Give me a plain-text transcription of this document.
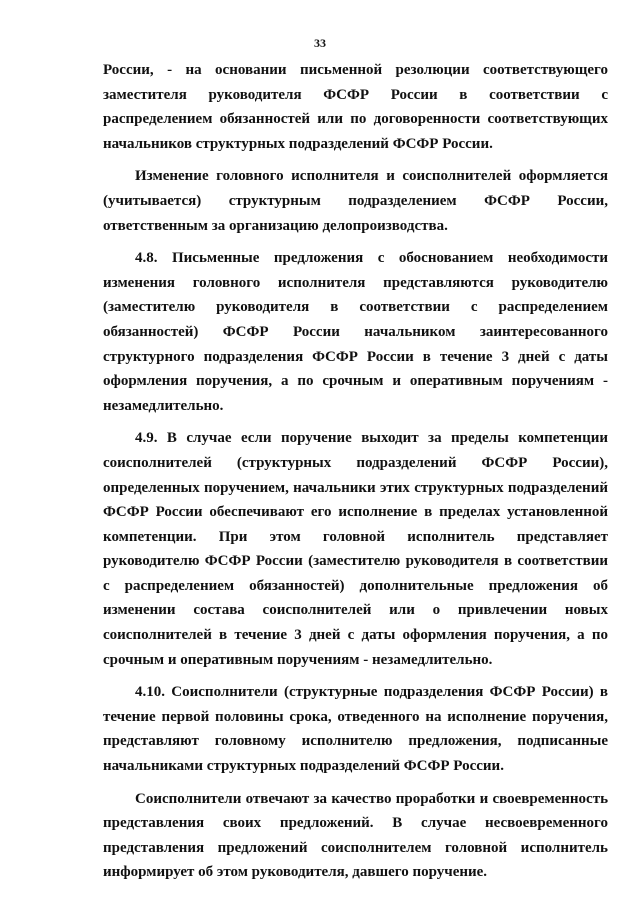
33

России, - на основании письменной резолюции соответствующего заместителя руководителя ФСФР России в соответствии с распределением обязанностей или по договоренности соответствующих начальников структурных подразделений ФСФР России.

Изменение головного исполнителя и соисполнителей оформляется (учитывается) структурным подразделением ФСФР России, ответственным за организацию делопроизводства.

4.8. Письменные предложения с обоснованием необходимости изменения головного исполнителя представляются руководителю (заместителю руководителя в соответствии с распределением обязанностей) ФСФР России начальником заинтересованного структурного подразделения ФСФР России в течение 3 дней с даты оформления поручения, а по срочным и оперативным поручениям - незамедлительно.

4.9. В случае если поручение выходит за пределы компетенции соисполнителей (структурных подразделений ФСФР России), определенных поручением, начальники этих структурных подразделений ФСФР России обеспечивают его исполнение в пределах установленной компетенции. При этом головной исполнитель представляет руководителю ФСФР России (заместителю руководителя в соответствии с распределением обязанностей) дополнительные предложения об изменении состава соисполнителей или о привлечении новых соисполнителей в течение 3 дней с даты оформления поручения, а по срочным и оперативным поручениям - незамедлительно.

4.10. Соисполнители (структурные подразделения ФСФР России) в течение первой половины срока, отведенного на исполнение поручения, представляют головному исполнителю предложения, подписанные начальниками структурных подразделений ФСФР России.

Соисполнители отвечают за качество проработки и своевременность представления своих предложений. В случае несвоевременного представления предложений соисполнителем головной исполнитель информирует об этом руководителя, давшего поручение.
